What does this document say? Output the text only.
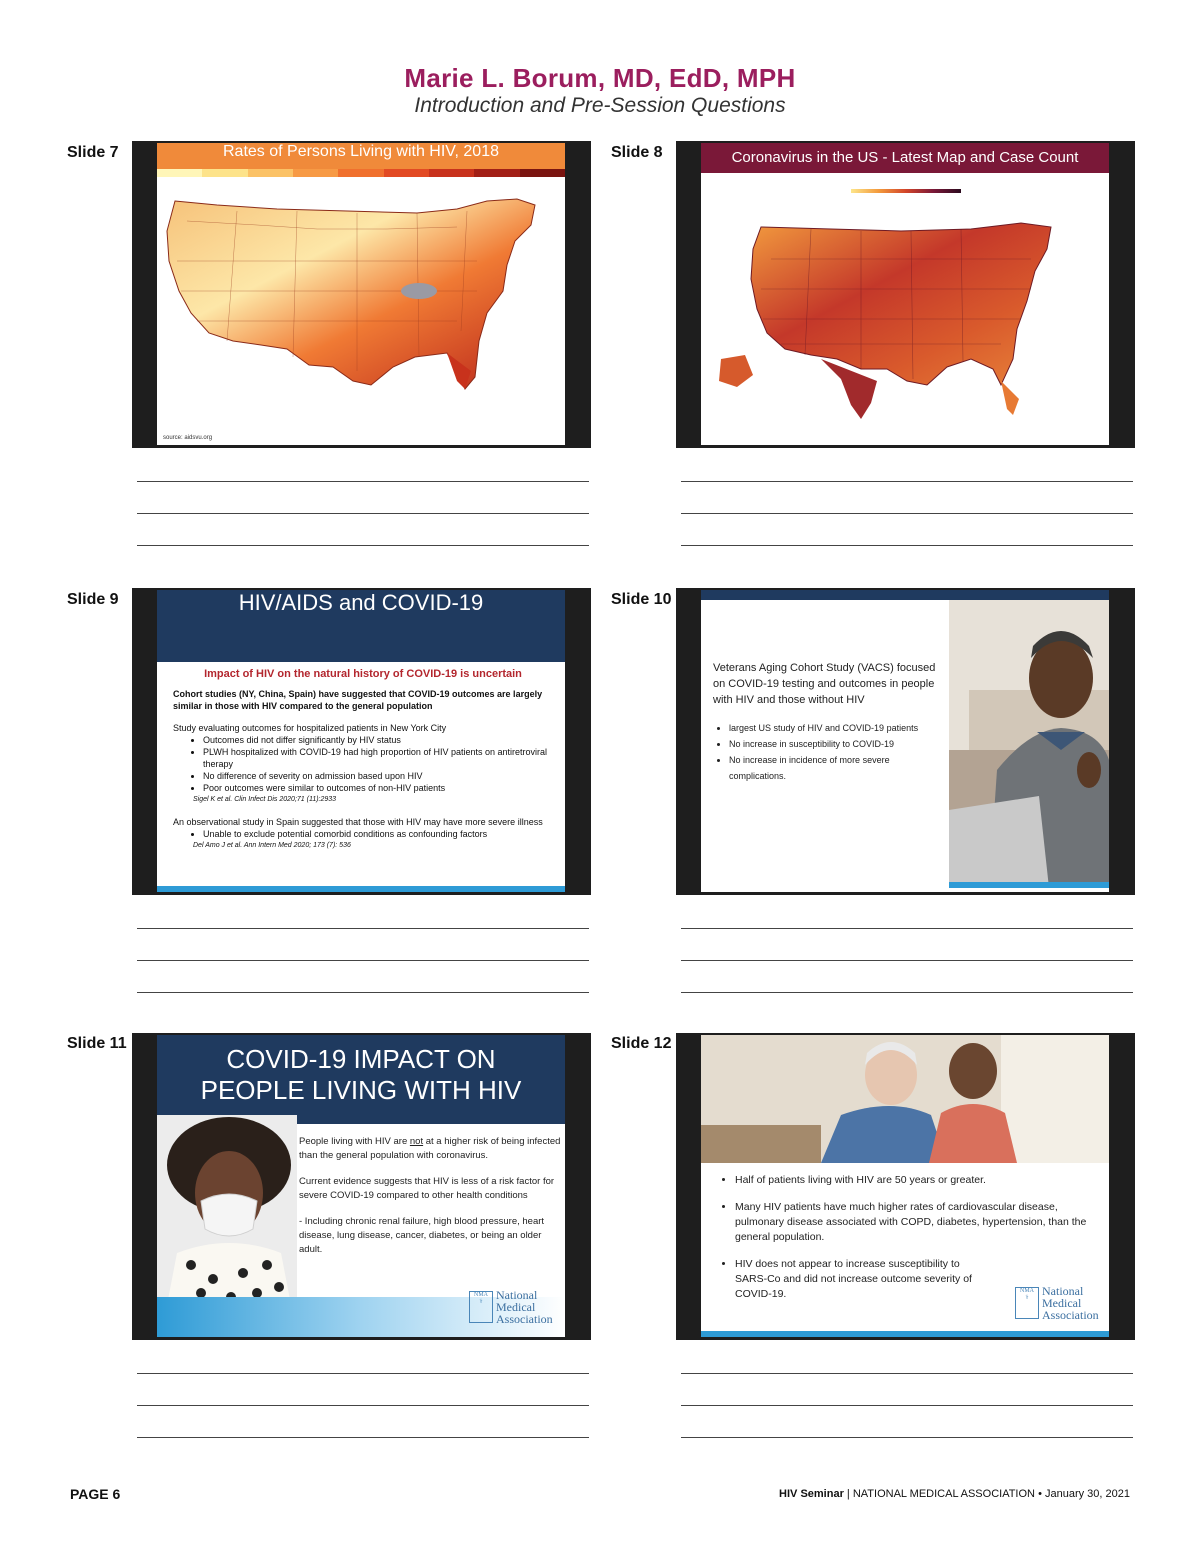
Marie L. Borum, MD, EdD, MPH
Introduction and Pre-Session Questions
Slide 7	Rates of Persons Living with HIV, 2018
source: aidsvu.org
Slide 8	Coronavirus in the US - Latest Map and Case Count
Slide 9	HIV/AIDS and COVID-19
Impact of HIV on the natural history of COVID-19 is uncertain
Cohort studies (NY, China, Spain) have suggested that COVID-19 outcomes are largely similar in those with HIV compared to the general population
Study evaluating outcomes for hospitalized patients in New York City
• Outcomes did not differ significantly by HIV status
• PLWH hospitalized with COVID-19 had high proportion of HIV patients on antiretroviral therapy
• No difference of severity on admission based upon HIV
• Poor outcomes were similar to outcomes of non-HIV patients
Sigel K et al. Clin Infect Dis 2020;71 (11):2933
An observational study in Spain suggested that those with HIV may have more severe illness
• Unable to exclude potential comorbid conditions as confounding factors
Del Amo J et al. Ann Intern Med 2020; 173 (7): 536
Slide 10
Veterans Aging Cohort Study (VACS) focused on COVID-19 testing and outcomes in people with HIV and those without HIV
• largest US study of HIV and COVID-19 patients
• No increase in susceptibility to COVID-19
• No increase in incidence of more severe complications.
Slide 11
COVID-19 IMPACT ON
PEOPLE LIVING WITH HIV

People living with HIV are not at a higher risk of being infected than the general population with coronavirus.

Current evidence suggests that HIV is less of a risk factor for severe COVID-19 compared to other health conditions

- Including chronic renal failure, high blood pressure, heart disease, lung disease, cancer, diabetes, or being an older adult.

NMA
⚕	National
Medical
Association
Slide 12
• Half of patients living with HIV are 50 years or greater.
• Many HIV patients have much higher rates of cardiovascular disease, pulmonary disease associated with COPD, diabetes, hypertension, than the general population.
• HIV does not appear to increase susceptibility to SARS-Co and did not increase outcome severity of COVID-19.	NMA
⚕	National
Medical
Association
PAGE 6	HIV Seminar | NATIONAL MEDICAL ASSOCIATION • January 30, 2021
